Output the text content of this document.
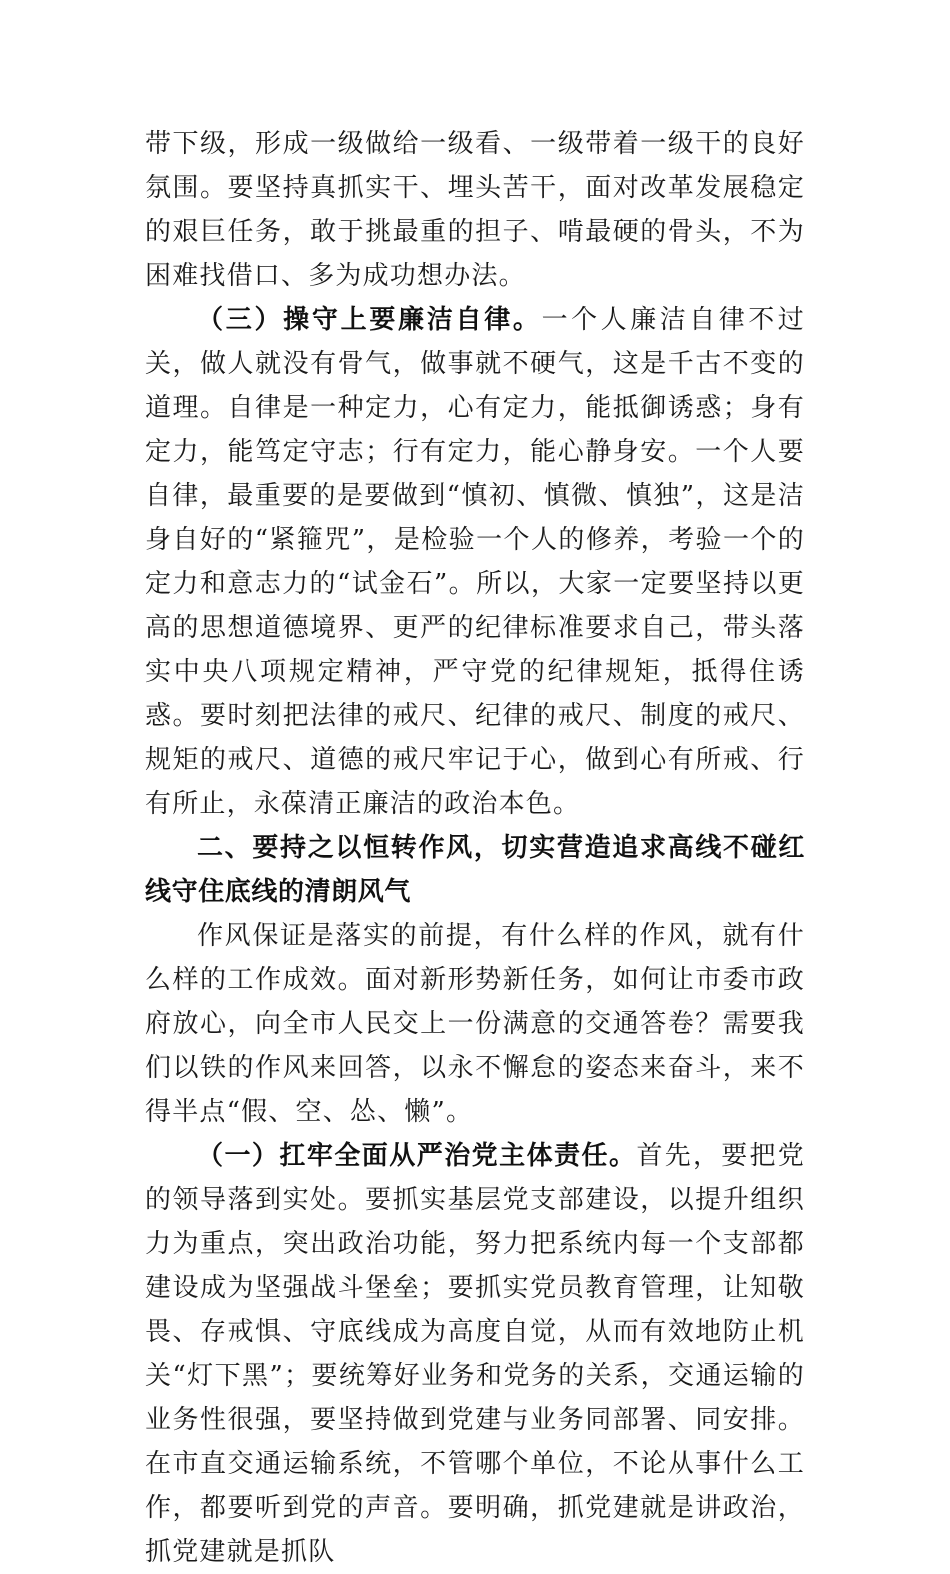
带下级，形成一级做给一级看、一级带着一级干的良好氛围。要坚持真抓实干、埋头苦干，面对改革发展稳定的艰巨任务，敢于挑最重的担子、啃最硬的骨头，不为困难找借口、多为成功想办法。

（三）操守上要廉洁自律。一个人廉洁自律不过关，做人就没有骨气，做事就不硬气，这是千古不变的道理。自律是一种定力，心有定力，能抵御诱惑；身有定力，能笃定守志；行有定力，能心静身安。一个人要自律，最重要的是要做到“慎初、慎微、慎独”，这是洁身自好的“紧箍咒”，是检验一个人的修养，考验一个的定力和意志力的“试金石”。所以，大家一定要坚持以更高的思想道德境界、更严的纪律标准要求自己，带头落实中央八项规定精神，严守党的纪律规矩，抵得住诱惑。要时刻把法律的戒尺、纪律的戒尺、制度的戒尺、规矩的戒尺、道德的戒尺牢记于心，做到心有所戒、行有所止，永葆清正廉洁的政治本色。

二、要持之以恒转作风，切实营造追求高线不碰红线守住底线的清朗风气

作风保证是落实的前提，有什么样的作风，就有什么样的工作成效。面对新形势新任务，如何让市委市政府放心，向全市人民交上一份满意的交通答卷？需要我们以铁的作风来回答，以永不懈怠的姿态来奋斗，来不得半点“假、空、怂、懒”。

（一）扛牢全面从严治党主体责任。首先，要把党的领导落到实处。要抓实基层党支部建设，以提升组织力为重点，突出政治功能，努力把系统内每一个支部都建设成为坚强战斗堡垒；要抓实党员教育管理，让知敬畏、存戒惧、守底线成为高度自觉，从而有效地防止机关“灯下黑”；要统筹好业务和党务的关系，交通运输的业务性很强，要坚持做到党建与业务同部署、同安排。在市直交通运输系统，不管哪个单位，不论从事什么工作，都要听到党的声音。要明确，抓党建就是讲政治，抓党建就是抓队
